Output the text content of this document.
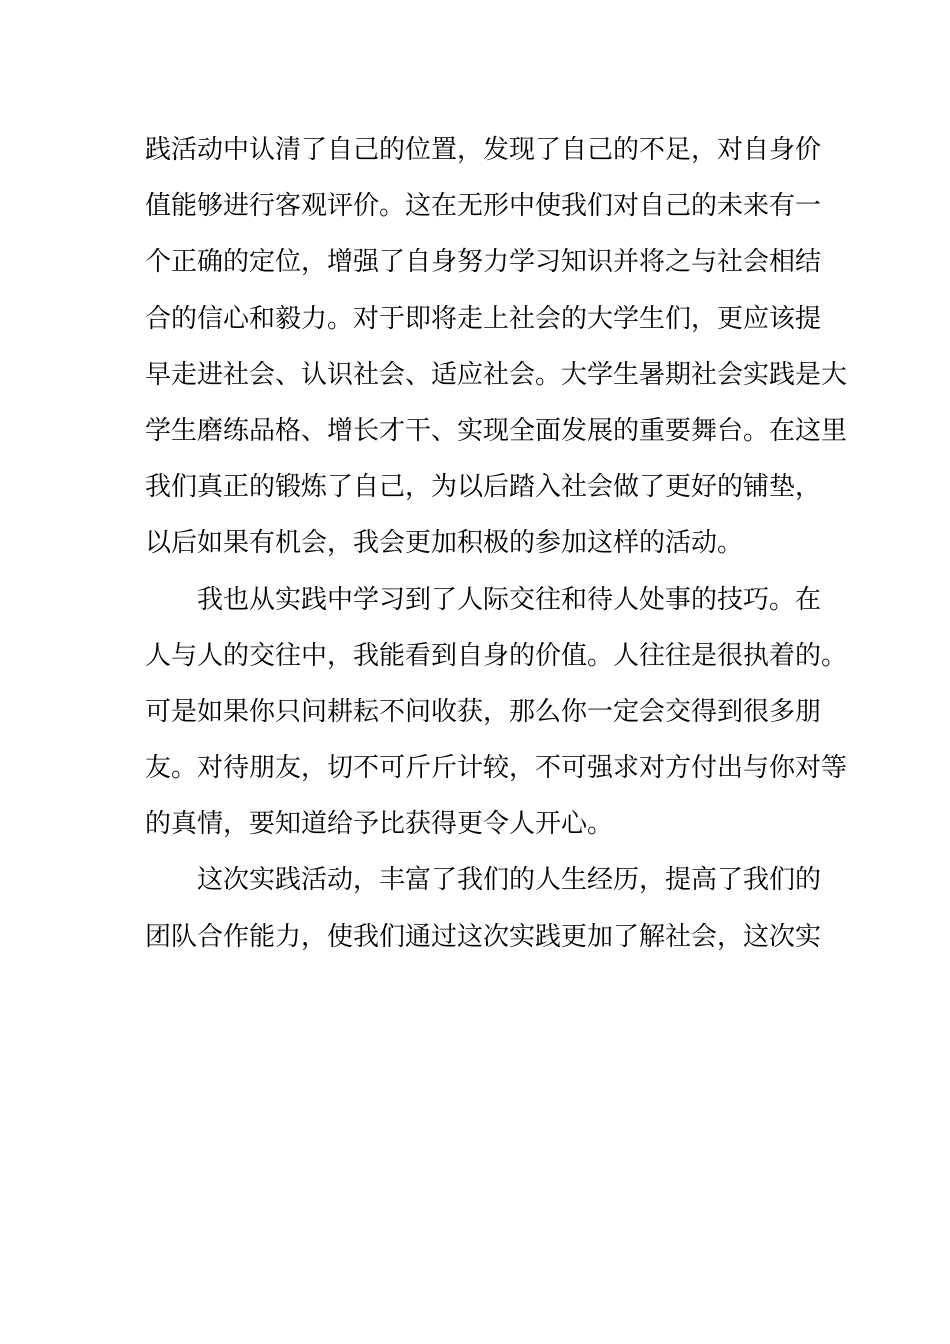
践活动中认清了自己的位置，发现了自己的不足，对自身价
值能够进行客观评价。这在无形中使我们对自己的未来有一
个正确的定位，增强了自身努力学习知识并将之与社会相结
合的信心和毅力。对于即将走上社会的大学生们，更应该提
早走进社会、认识社会、适应社会。大学生暑期社会实践是大
学生磨练品格、增长才干、实现全面发展的重要舞台。在这里
我们真正的锻炼了自己，为以后踏入社会做了更好的铺垫，
以后如果有机会，我会更加积极的参加这样的活动。
我也从实践中学习到了人际交往和待人处事的技巧。在
人与人的交往中，我能看到自身的价值。人往往是很执着的。
可是如果你只问耕耘不问收获，那么你一定会交得到很多朋
友。对待朋友，切不可斤斤计较，不可强求对方付出与你对等
的真情，要知道给予比获得更令人开心。
这次实践活动，丰富了我们的人生经历，提高了我们的
团队合作能力，使我们通过这次实践更加了解社会，这次实
